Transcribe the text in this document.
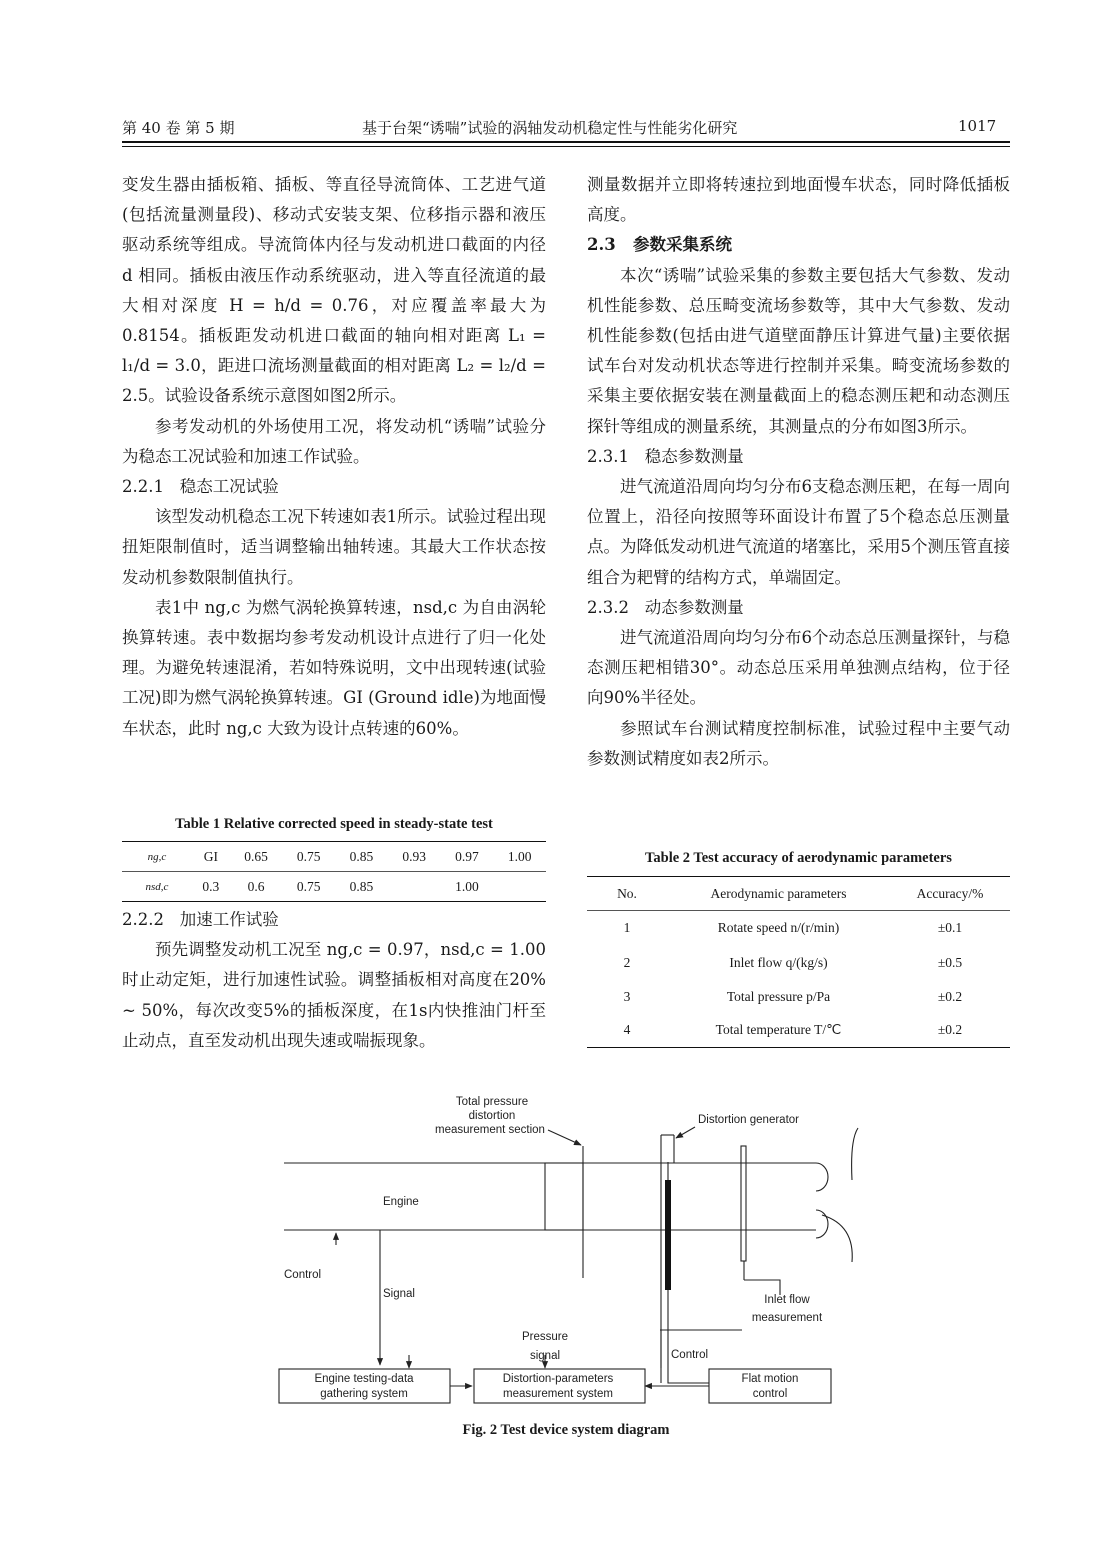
第 40 卷 第 5 期	基于台架“诱喘”试验的涡轴发动机稳定性与性能劣化研究	1017

变发生器由插板箱、插板、等直径导流筒体、工艺进气道(包括流量测量段)、移动式安装支架、位移指示器和液压驱动系统等组成。导流筒体内径与发动机进口截面的内径 d 相同。插板由液压作动系统驱动，进入等直径流道的最大相对深度 H = h/d = 0.76，对应覆盖率最大为 0.8154。插板距发动机进口截面的轴向相对距离 L₁ = l₁/d = 3.0，距进口流场测量截面的相对距离 L₂ = l₂/d = 2.5。试验设备系统示意图如图2所示。

参考发动机的外场使用工况，将发动机“诱喘”试验分为稳态工况试验和加速工作试验。

2.2.1 稳态工况试验

该型发动机稳态工况下转速如表1所示。试验过程出现扭矩限制值时，适当调整输出轴转速。其最大工作状态按发动机参数限制值执行。

表1中 ng,c 为燃气涡轮换算转速，nsd,c 为自由涡轮换算转速。表中数据均参考发动机设计点进行了归一化处理。为避免转速混淆，若如特殊说明，文中出现转速(试验工况)即为燃气涡轮换算转速。GI (Ground idle)为地面慢车状态，此时 ng,c 大致为设计点转速的60%。

Table 1 Relative corrected speed in steady-state test
ng,c	GI	0.65	0.75	0.85	0.93	0.97	1.00
nsd,c	0.3	0.6	0.75	0.85		1.00	

2.2.2 加速工作试验

预先调整发动机工况至 ng,c = 0.97，nsd,c = 1.00 时止动定矩，进行加速性试验。调整插板相对高度在20% ~ 50%，每次改变5%的插板深度，在1s内快推油门杆至止动点，直至发动机出现失速或喘振现象。

测量数据并立即将转速拉到地面慢车状态，同时降低插板高度。

2.3 参数采集系统

本次“诱喘”试验采集的参数主要包括大气参数、发动机性能参数、总压畸变流场参数等，其中大气参数、发动机性能参数(包括由进气道壁面静压计算进气量)主要依据试车台对发动机状态等进行控制并采集。畸变流场参数的采集主要依据安装在测量截面上的稳态测压耙和动态测压探针等组成的测量系统，其测量点的分布如图3所示。

2.3.1 稳态参数测量

进气流道沿周向均匀分布6支稳态测压耙，在每一周向位置上，沿径向按照等环面设计布置了5个稳态总压测量点。为降低发动机进气流道的堵塞比，采用5个测压管直接组合为耙臂的结构方式，单端固定。

2.3.2 动态参数测量

进气流道沿周向均匀分布6个动态总压测量探针，与稳态测压耙相错30°。动态总压采用单独测点结构，位于径向90%半径处。

参照试车台测试精度控制标准，试验过程中主要气动参数测试精度如表2所示。

Table 2 Test accuracy of aerodynamic parameters
No.	Aerodynamic parameters	Accuracy/%
1	Rotate speed n/(r/min)	±0.1
2	Inlet flow q/(kg/s)	±0.5
3	Total pressure p/Pa	±0.2
4	Total temperature T/℃	±0.2
Total pressure
distortion
measurement section
Distortion generator
Engine
Control
Signal
Pressure
signal	Control
Inlet flow
measurement
Engine testing-data
gathering system
Distortion-parameters
measurement system
Flat motion
control
Fig. 2 Test device system diagram
